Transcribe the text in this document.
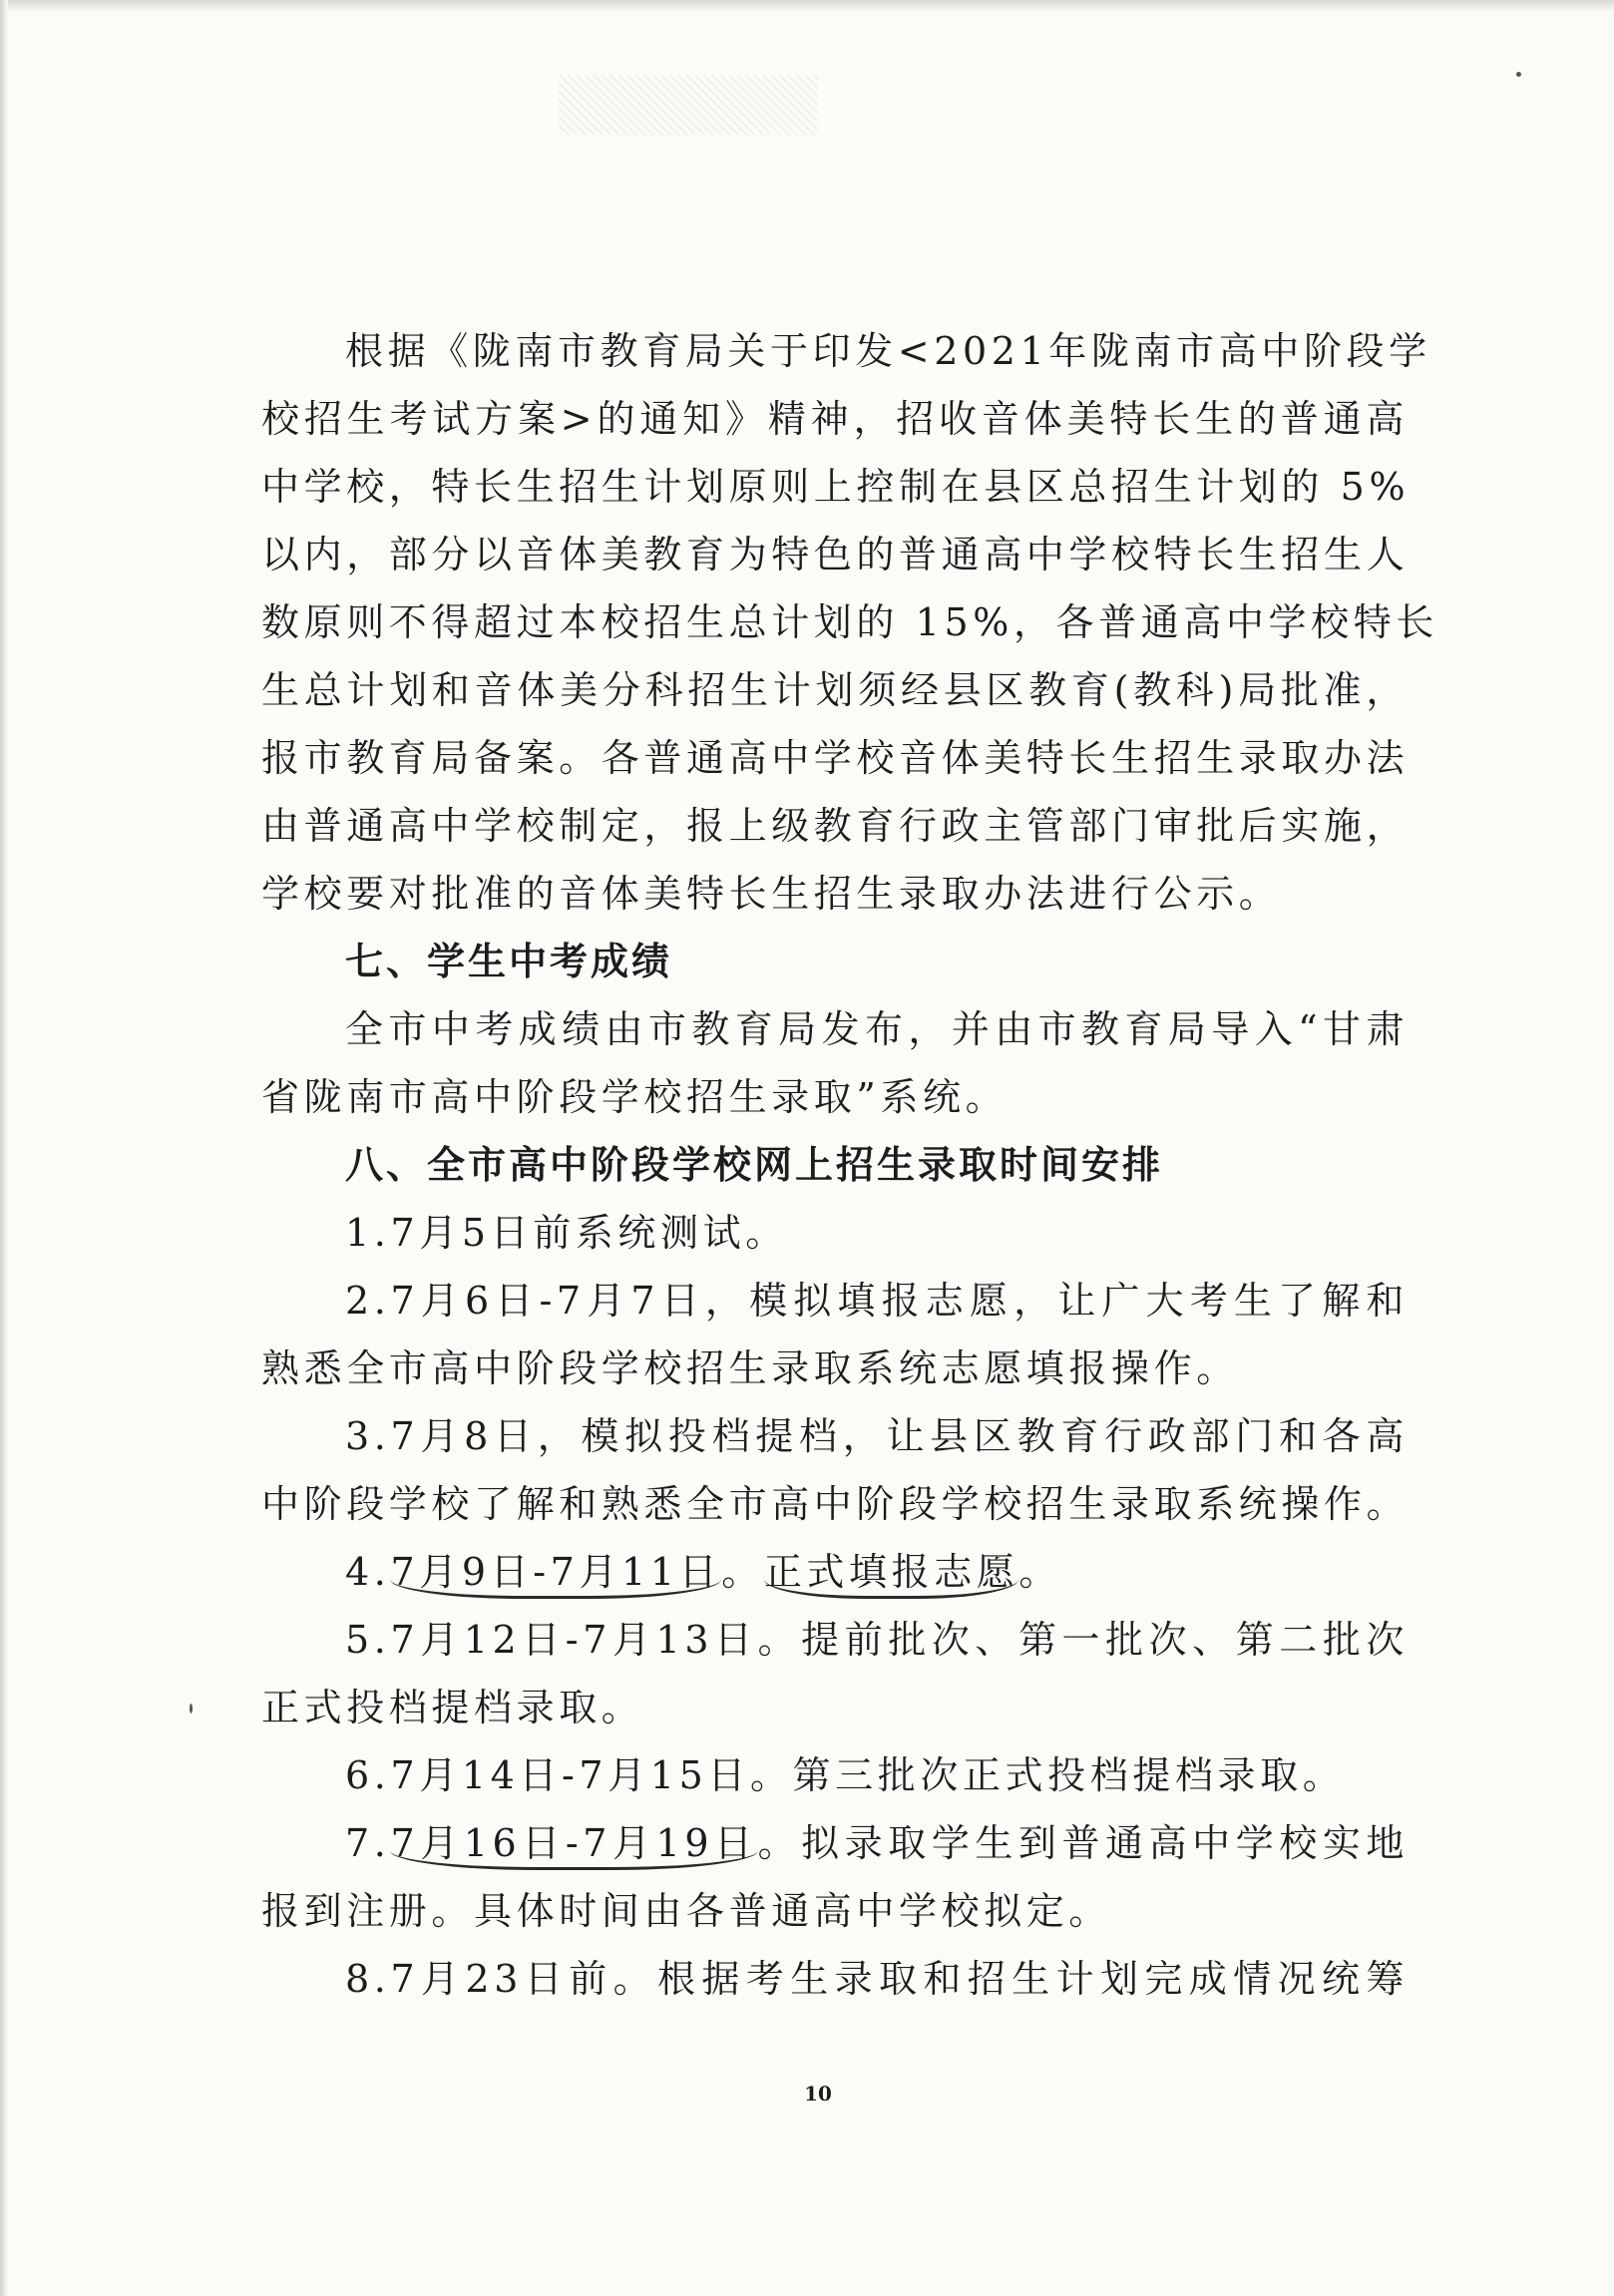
根据《陇南市教育局关于印发<2021年陇南市高中阶段学
校招生考试方案>的通知》精神，招收音体美特长生的普通高
中学校，特长生招生计划原则上控制在县区总招生计划的 5%
以内，部分以音体美教育为特色的普通高中学校特长生招生人
数原则不得超过本校招生总计划的 15%，各普通高中学校特长
生总计划和音体美分科招生计划须经县区教育(教科)局批准，
报市教育局备案。各普通高中学校音体美特长生招生录取办法
由普通高中学校制定，报上级教育行政主管部门审批后实施，
学校要对批准的音体美特长生招生录取办法进行公示。
七、学生中考成绩
全市中考成绩由市教育局发布，并由市教育局导入“甘肃
省陇南市高中阶段学校招生录取”系统。
八、全市高中阶段学校网上招生录取时间安排
1.7月5日前系统测试。
2.7月6日-7月7日，模拟填报志愿，让广大考生了解和
熟悉全市高中阶段学校招生录取系统志愿填报操作。
3.7月8日，模拟投档提档，让县区教育行政部门和各高
中阶段学校了解和熟悉全市高中阶段学校招生录取系统操作。
4.7月9日-7月11日。正式填报志愿。
5.7月12日-7月13日。提前批次、第一批次、第二批次
正式投档提档录取。
6.7月14日-7月15日。第三批次正式投档提档录取。
7.7月16日-7月19日。拟录取学生到普通高中学校实地
报到注册。具体时间由各普通高中学校拟定。
8.7月23日前。根据考生录取和招生计划完成情况统筹
10
